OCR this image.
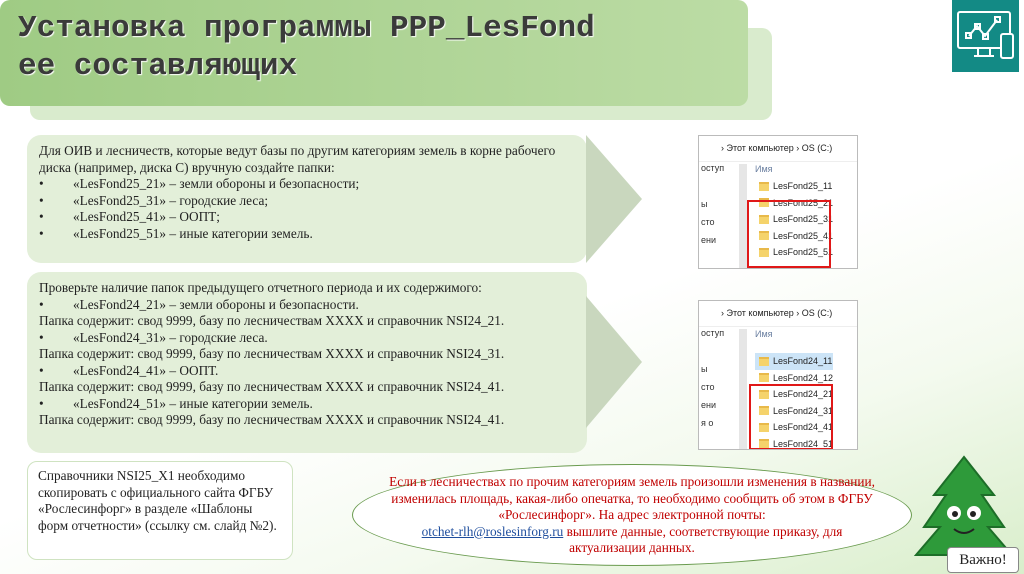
Установка программы PPP_LesFond
ее составляющих
Для ОИВ и лесничеств, которые ведут базы по другим категориям земель в корне рабочего диска (например, диска С) вручную создайте папки:
•	«LesFond25_21» – земли обороны и безопасности;
•	«LesFond25_31» – городские леса;
•	«LesFond25_41» – ООПТ;
•	«LesFond25_51» – иные категории земель.
Проверьте наличие папок предыдущего отчетного периода и их содержимого:
•	«LesFond24_21» – земли обороны и безопасности.
Папка содержит: свод 9999, базу по лесничествам ХХХХ и справочник NSI24_21.
•	«LesFond24_31» – городские леса.
Папка содержит: свод 9999, базу по лесничествам ХХХХ и справочник NSI24_31.
•	«LesFond24_41» – ООПТ.
Папка содержит: свод 9999, базу по лесничествам ХХХХ и справочник NSI24_41.
•	«LesFond24_51» – иные категории земель.
Папка содержит: свод 9999, базу по лесничествам ХХХХ и справочник NSI24_41.
› Этот компьютер › OS (C:)
оступ
ы
сто
ени
Имя
LesFond25_11
LesFond25_21
LesFond25_31
LesFond25_41
LesFond25_51
› Этот компьютер › OS (C:)
оступ
ы
сто
ени
я о
Имя
LesFond24_11
LesFond24_12
LesFond24_21
LesFond24_31
LesFond24_41
LesFond24_51
Справочники NSI25_X1 необходимо скопировать с официального сайта ФГБУ «Рослесинфорг» в разделе «Шаблоны форм отчетности» (ссылку см. слайд №2).
Если в лесничествах по прочим категориям земель произошли изменения в названии, изменилась площадь, какая-либо опечатка, то необходимо сообщить об этом в ФГБУ «Рослесинфорг». На адрес электронной почты:
otchet-rlh@roslesinforg.ru вышлите данные, соответствующие приказу, для актуализации данных.
Важно!
